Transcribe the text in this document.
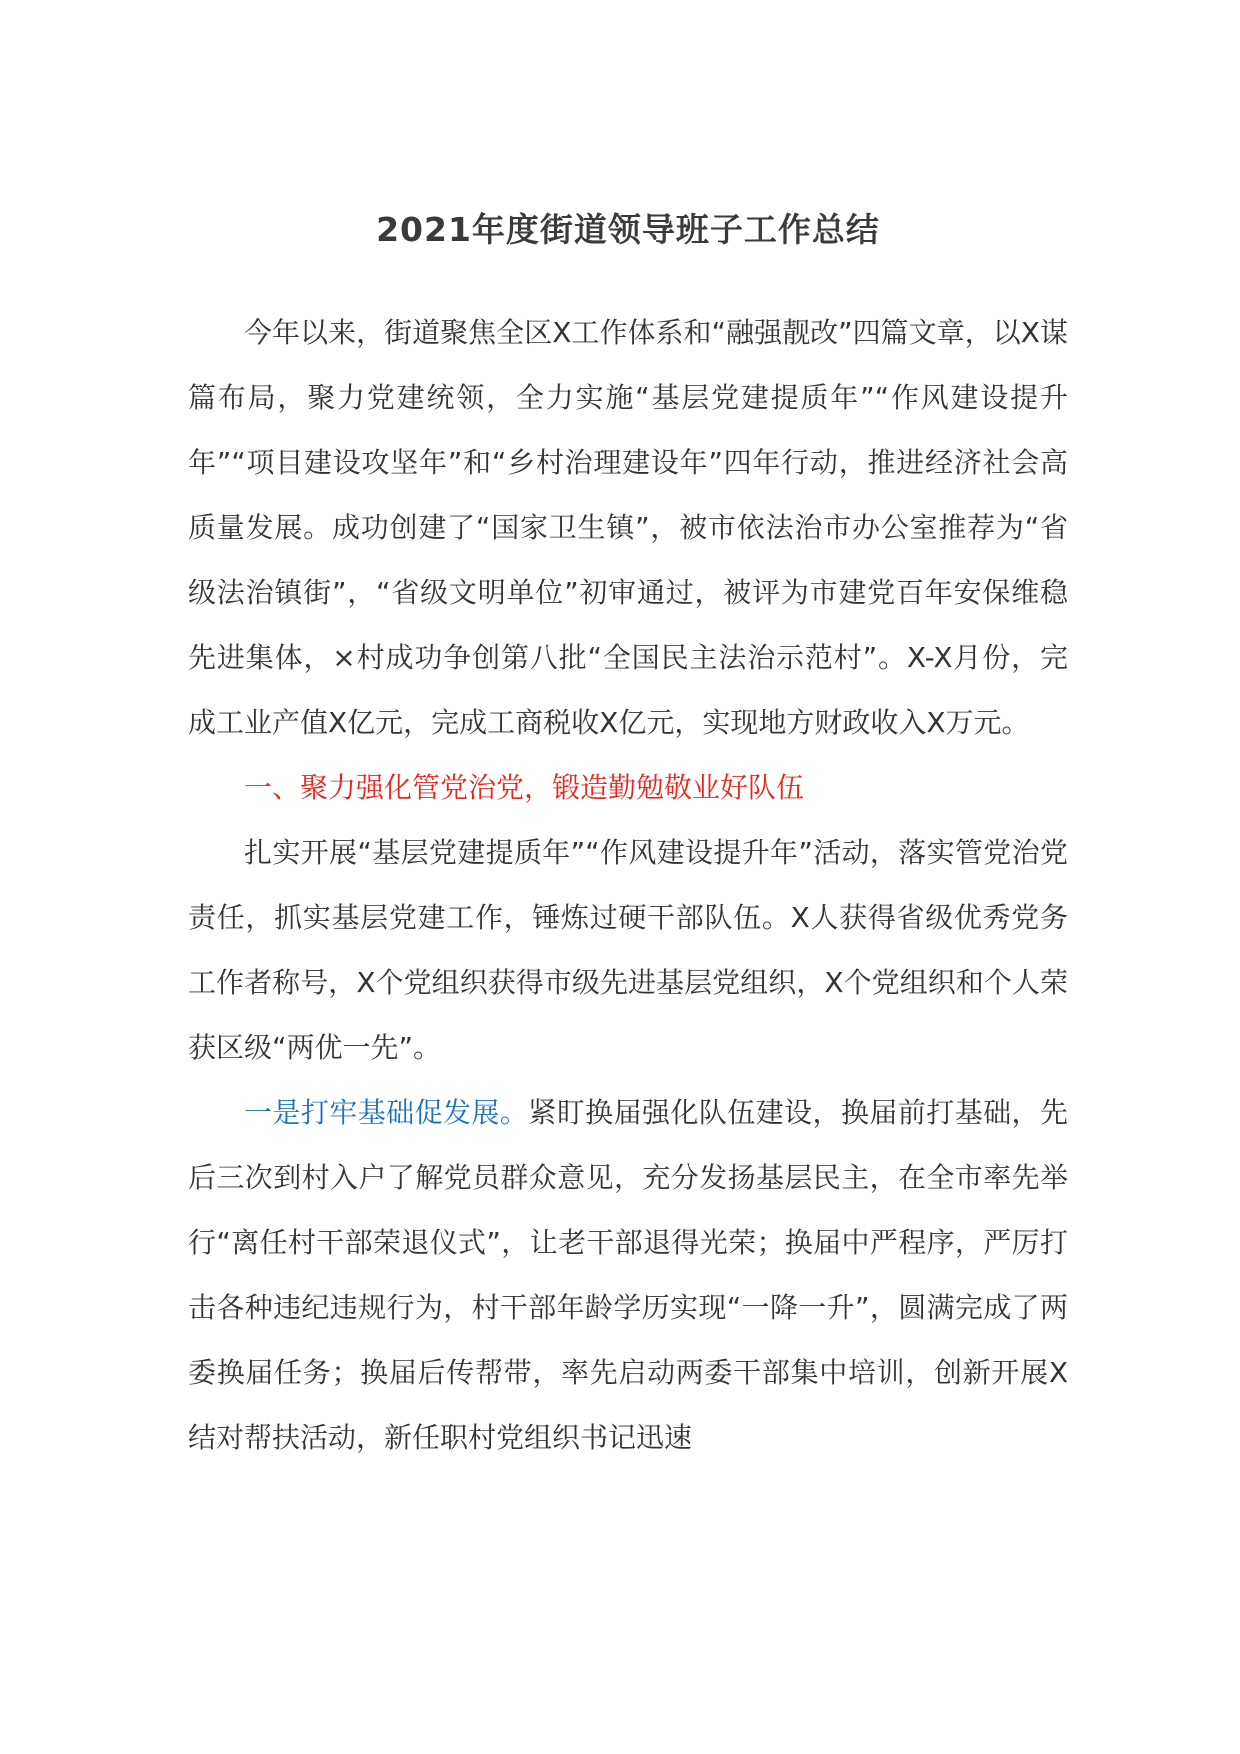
2021年度街道领导班子工作总结

今年以来，街道聚焦全区X工作体系和“融强靓改”四篇文章，以X谋篇布局，聚力党建统领，全力实施“基层党建提质年”“作风建设提升年”“项目建设攻坚年”和“乡村治理建设年”四年行动，推进经济社会高质量发展。成功创建了“国家卫生镇”，被市依法治市办公室推荐为“省级法治镇街”，“省级文明单位”初审通过，被评为市建党百年安保维稳先进集体，×村成功争创第八批“全国民主法治示范村”。X-X月份，完成工业产值X亿元，完成工商税收X亿元，实现地方财政收入X万元。

一、聚力强化管党治党，锻造勤勉敬业好队伍

扎实开展“基层党建提质年”“作风建设提升年”活动，落实管党治党责任，抓实基层党建工作，锤炼过硬干部队伍。X人获得省级优秀党务工作者称号，X个党组织获得市级先进基层党组织，X个党组织和个人荣获区级“两优一先”。

一是打牢基础促发展。紧盯换届强化队伍建设，换届前打基础，先后三次到村入户了解党员群众意见，充分发扬基层民主，在全市率先举行“离任村干部荣退仪式”，让老干部退得光荣；换届中严程序，严厉打击各种违纪违规行为，村干部年龄学历实现“一降一升”，圆满完成了两委换届任务；换届后传帮带，率先启动两委干部集中培训，创新开展X结对帮扶活动，新任职村党组织书记迅速
